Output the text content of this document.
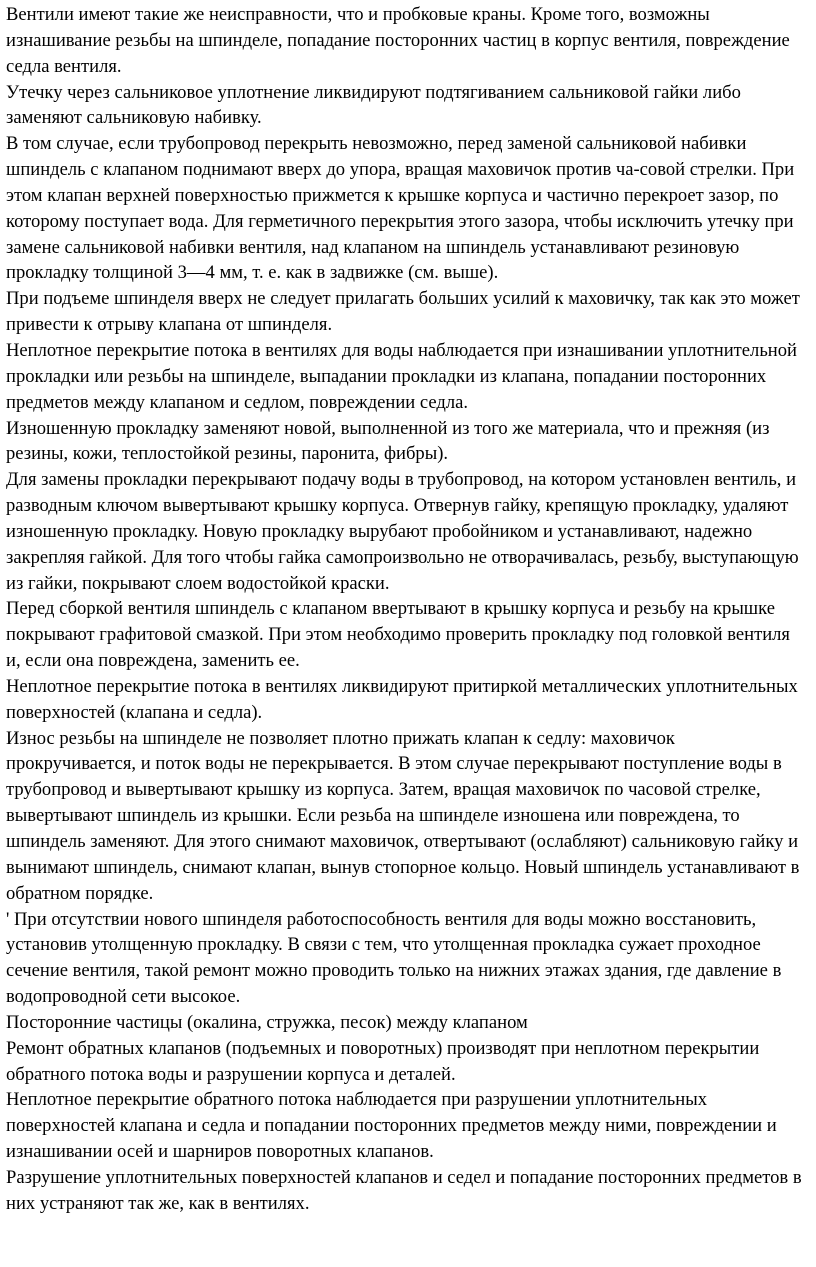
Вентили имеют такие же неисправности, что и пробковые краны. Кроме того, возможны изнашивание резьбы на шпинделе, попадание посторонних частиц в корпус вентиля, повреждение седла вентиля.

Утечку через сальниковое уплотнение ликвидируют подтягиванием сальниковой гайки либо заменяют сальниковую набивку.

В том случае, если трубопровод перекрыть невозможно, перед заменой сальниковой набивки шпиндель с клапаном поднимают вверх до упора, вращая маховичок против ча-совой стрелки. При этом клапан верхней поверхностью прижмется к крышке корпуса и частично перекроет зазор, по которому поступает вода. Для герметичного перекрытия этого зазора, чтобы исключить утечку при замене сальниковой набивки вентиля, над клапаном на шпиндель устанавливают резиновую прокладку толщиной 3—4 мм, т. е. как в задвижке (см. выше).

При подъеме шпинделя вверх не следует прилагать больших усилий к маховичку, так как это может привести к отрыву клапана от шпинделя.

Неплотное перекрытие потока в вентилях для воды наблюдается при изнашивании уплотнительной прокладки или резьбы на шпинделе, выпадании прокладки из клапана, попадании посторонних предметов между клапаном и седлом, повреждении седла.

Изношенную прокладку заменяют новой, выполненной из того же материала, что и прежняя (из резины, кожи, теплостойкой резины, паронита, фибры).

Для замены прокладки перекрывают подачу воды в трубопровод, на котором установлен вентиль, и разводным ключом вывертывают крышку корпуса. Отвернув гайку, крепящую прокладку, удаляют изношенную прокладку. Новую прокладку вырубают пробойником и устанавливают, надежно закрепляя гайкой. Для того чтобы гайка самопроизвольно не отворачивалась, резьбу, выступающую из гайки, покрывают слоем водостойкой краски.

Перед сборкой вентиля шпиндель с клапаном ввертывают в крышку корпуса и резьбу на крышке покрывают графитовой смазкой. При этом необходимо проверить прокладку под головкой вентиля и, если она повреждена, заменить ее.

Неплотное перекрытие потока в вентилях ликвидируют притиркой металлических уплотнительных поверхностей (клапана и седла).

Износ резьбы на шпинделе не позволяет плотно прижать клапан к седлу: маховичок прокручивается, и поток воды не перекрывается. В этом случае перекрывают поступление воды в трубопровод и вывертывают крышку из корпуса. Затем, вращая маховичок по часовой стрелке, вывертывают шпиндель из крышки. Если резьба на шпинделе изношена или повреждена, то шпиндель заменяют. Для этого снимают маховичок, отвертывают (ослабляют) сальниковую гайку и вынимают шпиндель, снимают клапан, вынув стопорное кольцо. Новый шпиндель устанавливают в обратном порядке.

' При отсутствии нового шпинделя работоспособность вентиля для воды можно восстановить, установив утолщенную прокладку. В связи с тем, что утолщенная прокладка сужает проходное сечение вентиля, такой ремонт можно проводить только на нижних этажах здания, где давление в водопроводной сети высокое.

Посторонние частицы (окалина, стружка, песок) между клапаном

Ремонт обратных клапанов (подъемных и поворотных) производят при неплотном перекрытии обратного потока воды и разрушении корпуса и деталей.

Неплотное перекрытие обратного потока наблюдается при разрушении уплотнительных поверхностей клапана и седла и попадании посторонних предметов между ними, повреждении и изнашивании осей и шарниров поворотных клапанов.

Разрушение уплотнительных поверхностей клапанов и седел и попадание посторонних предметов в них устраняют так же, как в вентилях.
